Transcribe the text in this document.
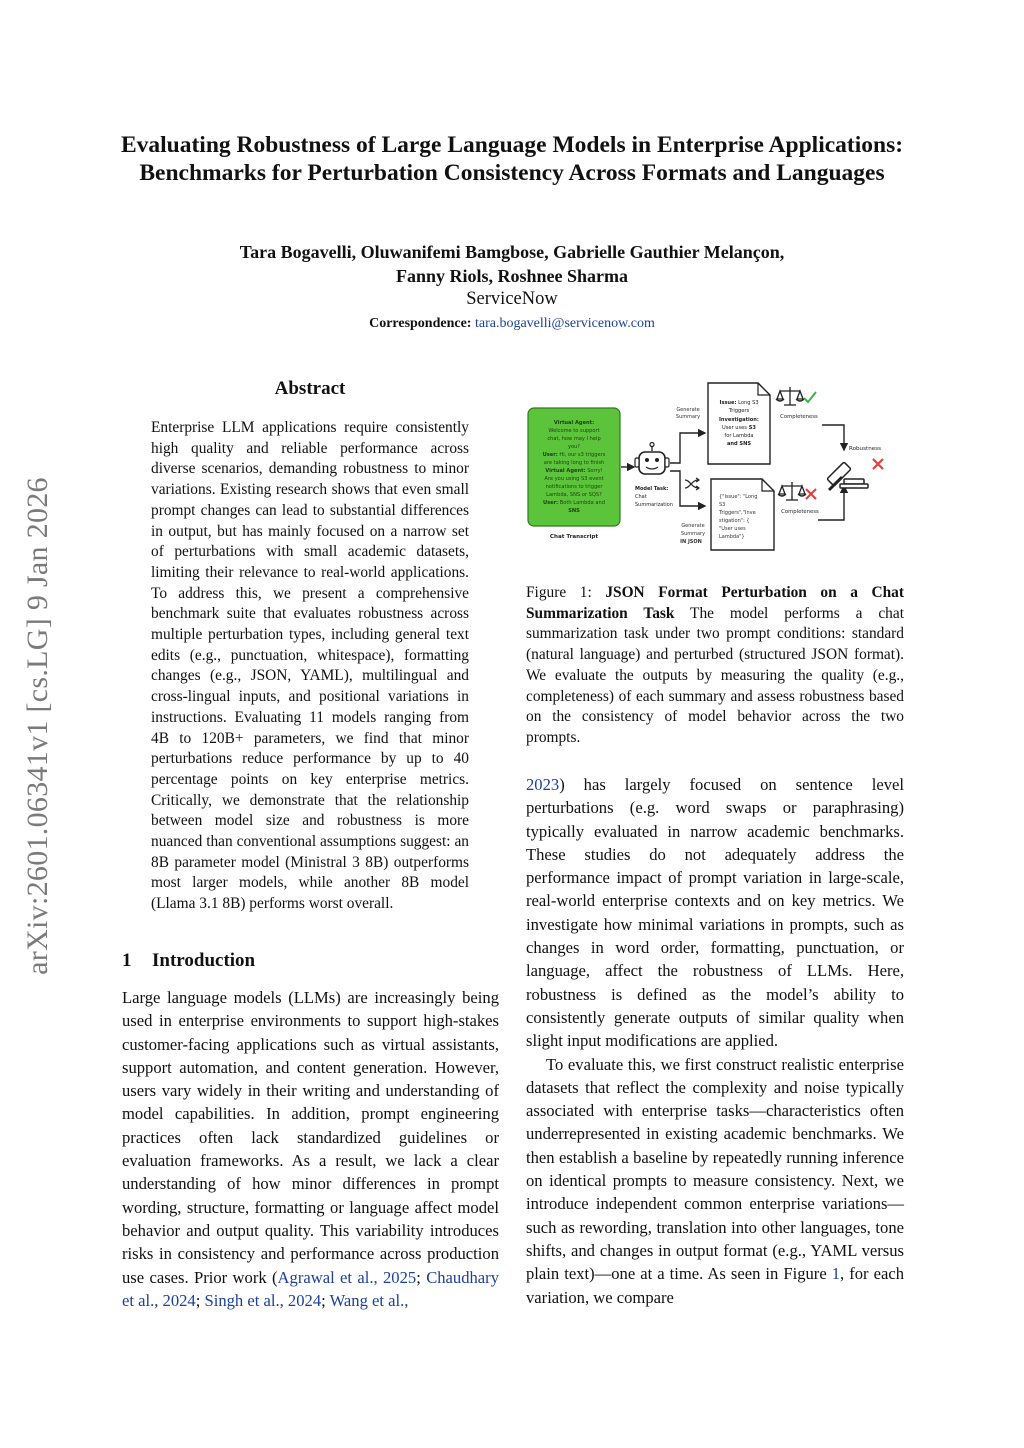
arXiv:2601.06341v1 [cs.LG] 9 Jan 2026
Evaluating Robustness of Large Language Models in Enterprise Applications: Benchmarks for Perturbation Consistency Across Formats and Languages
Tara Bogavelli, Oluwanifemi Bamgbose, Gabrielle Gauthier Melançon,
Fanny Riols, Roshnee Sharma
ServiceNow
Correspondence: tara.bogavelli@servicenow.com
Abstract
Enterprise LLM applications require consistently high quality and reliable performance across diverse scenarios, demanding robustness to minor variations. Existing research shows that even small prompt changes can lead to substantial differences in output, but has mainly focused on a narrow set of perturbations with small academic datasets, limiting their relevance to real-world applications. To address this, we present a comprehensive benchmark suite that evaluates robustness across multiple perturbation types, including general text edits (e.g., punctuation, whitespace), formatting changes (e.g., JSON, YAML), multilingual and cross-lingual inputs, and positional variations in instructions. Evaluating 11 models ranging from 4B to 120B+ parameters, we find that minor perturbations reduce performance by up to 40 percentage points on key enterprise metrics. Critically, we demonstrate that the relationship between model size and robustness is more nuanced than conventional assumptions suggest: an 8B parameter model (Ministral 3 8B) outperforms most larger models, while another 8B model (Llama 3.1 8B) performs worst overall.
1 Introduction
Large language models (LLMs) are increasingly being used in enterprise environments to support high-stakes customer-facing applications such as virtual assistants, support automation, and content generation. However, users vary widely in their writing and understanding of model capabilities. In addition, prompt engineering practices often lack standardized guidelines or evaluation frameworks. As a result, we lack a clear understanding of how minor differences in prompt wording, structure, formatting or language affect model behavior and output quality. This variability introduces risks in consistency and performance across production use cases. Prior work (Agrawal et al., 2025; Chaudhary et al., 2024; Singh et al., 2024; Wang et al.,
Virtual Agent:
Welcome to support
chat, how may I help
you?
User: Hi, our s3 triggers
are taking long to finish
Virtual Agent: Sorry!
Are you using S3 event
notifications to trigger
Lambda, SNS or SQS?
User: Both Lambda and
SNS
Chat Transcript
Model Task:
Chat
Summarization
Generate
Summary
Generate
Summary
IN JSON
Issue: Long S3
Triggers
Investigation:
User uses S3
for Lambda
and SNS
{"Issue": "Long
S3
Triggers","Inve
stigation": {
"User uses
Lambda"}
Completeness
Completeness
Robustness
Figure 1: JSON Format Perturbation on a Chat Summarization Task The model performs a chat summarization task under two prompt conditions: standard (natural language) and perturbed (structured JSON format). We evaluate the outputs by measuring the quality (e.g., completeness) of each summary and assess robustness based on the consistency of model behavior across the two prompts.

2023) has largely focused on sentence level perturbations (e.g. word swaps or paraphrasing) typically evaluated in narrow academic benchmarks. These studies do not adequately address the performance impact of prompt variation in large-scale, real-world enterprise contexts and on key metrics. We investigate how minimal variations in prompts, such as changes in word order, formatting, punctuation, or language, affect the robustness of LLMs. Here, robustness is defined as the model’s ability to consistently generate outputs of similar quality when slight input modifications are applied.

To evaluate this, we first construct realistic enterprise datasets that reflect the complexity and noise typically associated with enterprise tasks—characteristics often underrepresented in existing academic benchmarks. We then establish a baseline by repeatedly running inference on identical prompts to measure consistency. Next, we introduce independent common enterprise variations—such as rewording, translation into other languages, tone shifts, and changes in output format (e.g., YAML versus plain text)—one at a time. As seen in Figure 1, for each variation, we compare
